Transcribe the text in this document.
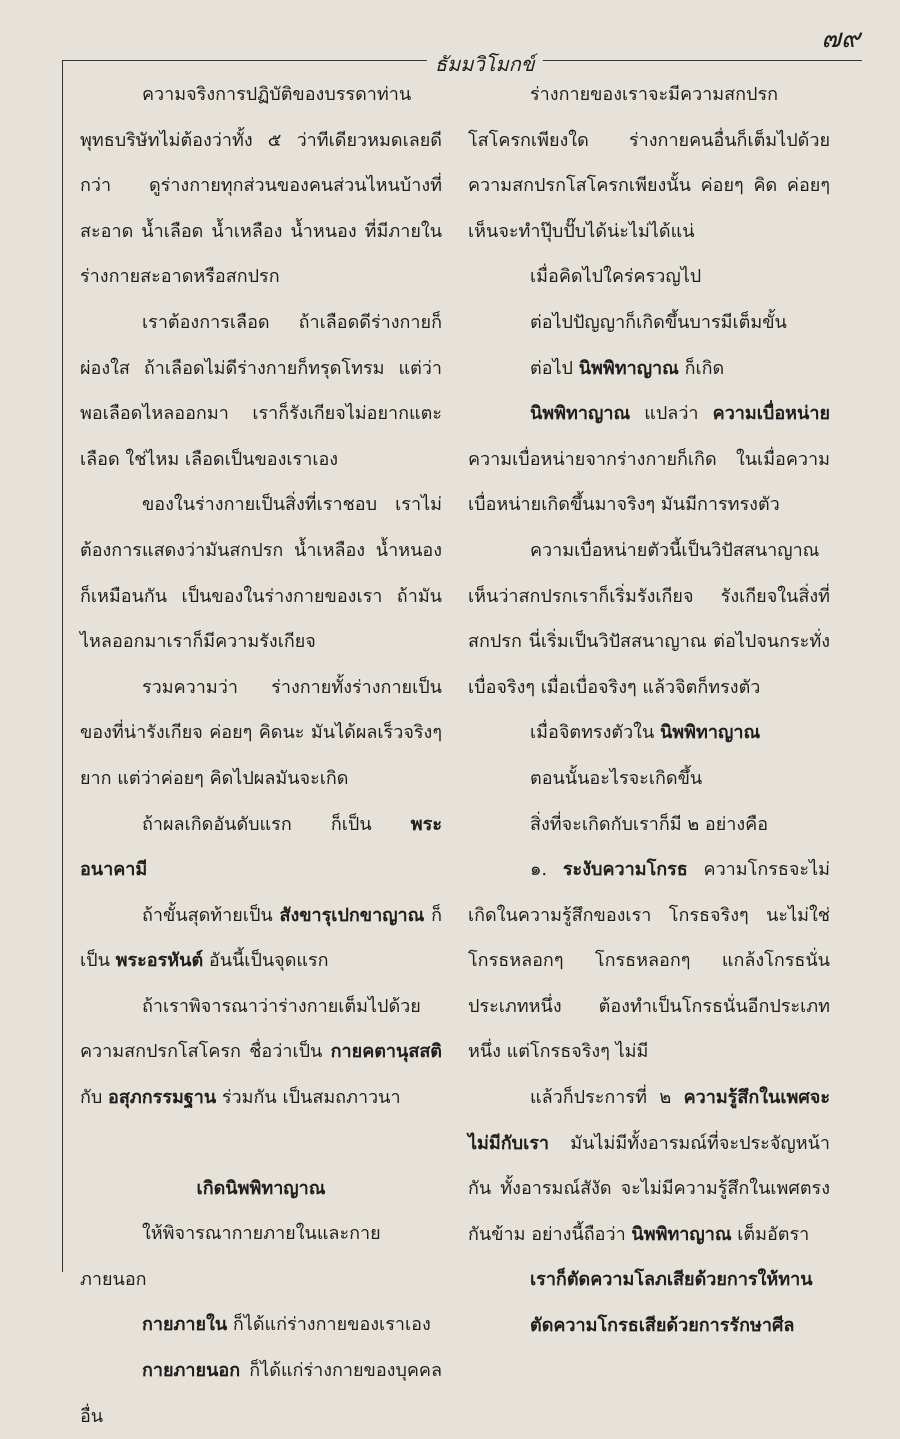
๗๙
ธัมมวิโมกข์

ความจริงการปฏิบัติของบรรดาท่านพุทธบริษัทไม่ต้องว่าทั้ง ๕ ว่าทีเดียวหมดเลยดีกว่า ดูร่างกายทุกส่วนของคนส่วนไหนบ้างที่สะอาด น้ำเลือด น้ำเหลือง น้ำหนอง ที่มีภายในร่างกายสะอาดหรือสกปรก

เราต้องการเลือด ถ้าเลือดดีร่างกายก็ผ่องใส ถ้าเลือดไม่ดีร่างกายก็ทรุดโทรม แต่ว่าพอเลือดไหลออกมา เราก็รังเกียจไม่อยากแตะเลือด ใช่ไหม เลือดเป็นของเราเอง

ของในร่างกายเป็นสิ่งที่เราชอบ เราไม่ต้องการแสดงว่ามันสกปรก น้ำเหลือง น้ำหนอง ก็เหมือนกัน เป็นของในร่างกายของเรา ถ้ามันไหลออกมาเราก็มีความรังเกียจ

รวมความว่า ร่างกายทั้งร่างกายเป็นของที่น่ารังเกียจ ค่อยๆ คิดนะ มันได้ผลเร็วจริงๆ ยาก แต่ว่าค่อยๆ คิดไปผลมันจะเกิด

ถ้าผลเกิดอันดับแรก ก็เป็น พระอนาคามี

ถ้าขั้นสุดท้ายเป็น สังขารุเปกขาญาณ ก็เป็น พระอรหันต์ อันนี้เป็นจุดแรก

ถ้าเราพิจารณาว่าร่างกายเต็มไปด้วยความสกปรกโสโครก ชื่อว่าเป็น กายคตานุสสติ กับ อสุภกรรมฐาน ร่วมกัน เป็นสมถภาวนา

เกิดนิพพิทาญาณ

ให้พิจารณากายภายในและกายภายนอก

กายภายใน ก็ได้แก่ร่างกายของเราเอง

กายภายนอก ก็ได้แก่ร่างกายของบุคคลอื่น

ร่างกายของเราจะมีความสกปรกโสโครกเพียงใด ร่างกายคนอื่นก็เต็มไปด้วยความสกปรกโสโครกเพียงนั้น ค่อยๆ คิด ค่อยๆ เห็นจะทำปุ๊บปั๊บได้น่ะไม่ได้แน่

เมื่อคิดไปใคร่ครวญไป

ต่อไปปัญญาก็เกิดขึ้นบารมีเต็มขั้น

ต่อไป นิพพิทาญาณ ก็เกิด

นิพพิทาญาณ แปลว่า ความเบื่อหน่าย ความเบื่อหน่ายจากร่างกายก็เกิด ในเมื่อความเบื่อหน่ายเกิดขึ้นมาจริงๆ มันมีการทรงตัว

ความเบื่อหน่ายตัวนี้เป็นวิปัสสนาญาณ เห็นว่าสกปรกเราก็เริ่มรังเกียจ รังเกียจในสิ่งที่สกปรก นี่เริ่มเป็นวิปัสสนาญาณ ต่อไปจนกระทั่งเบื่อจริงๆ เมื่อเบื่อจริงๆ แล้วจิตก็ทรงตัว

เมื่อจิตทรงตัวใน นิพพิทาญาณ

ตอนนั้นอะไรจะเกิดขึ้น

สิ่งที่จะเกิดกับเราก็มี ๒ อย่างคือ

๑. ระงับความโกรธ ความโกรธจะไม่เกิดในความรู้สึกของเรา โกรธจริงๆ นะไม่ใช่โกรธหลอกๆ โกรธหลอกๆ แกล้งโกรธนั่นประเภทหนึ่ง ต้องทำเป็นโกรธนั่นอีกประเภทหนึ่ง แต่โกรธจริงๆ ไม่มี

แล้วก็ประการที่ ๒ ความรู้สึกในเพศจะไม่มีกับเรา มันไม่มีทั้งอารมณ์ที่จะประจัญหน้ากัน ทั้งอารมณ์สังัด จะไม่มีความรู้สึกในเพศตรงกันข้าม อย่างนี้ถือว่า นิพพิทาญาณ เต็มอัตรา

เราก็ตัดความโลภเสียด้วยการให้ทาน

ตัดความโกรธเสียด้วยการรักษาศีล
